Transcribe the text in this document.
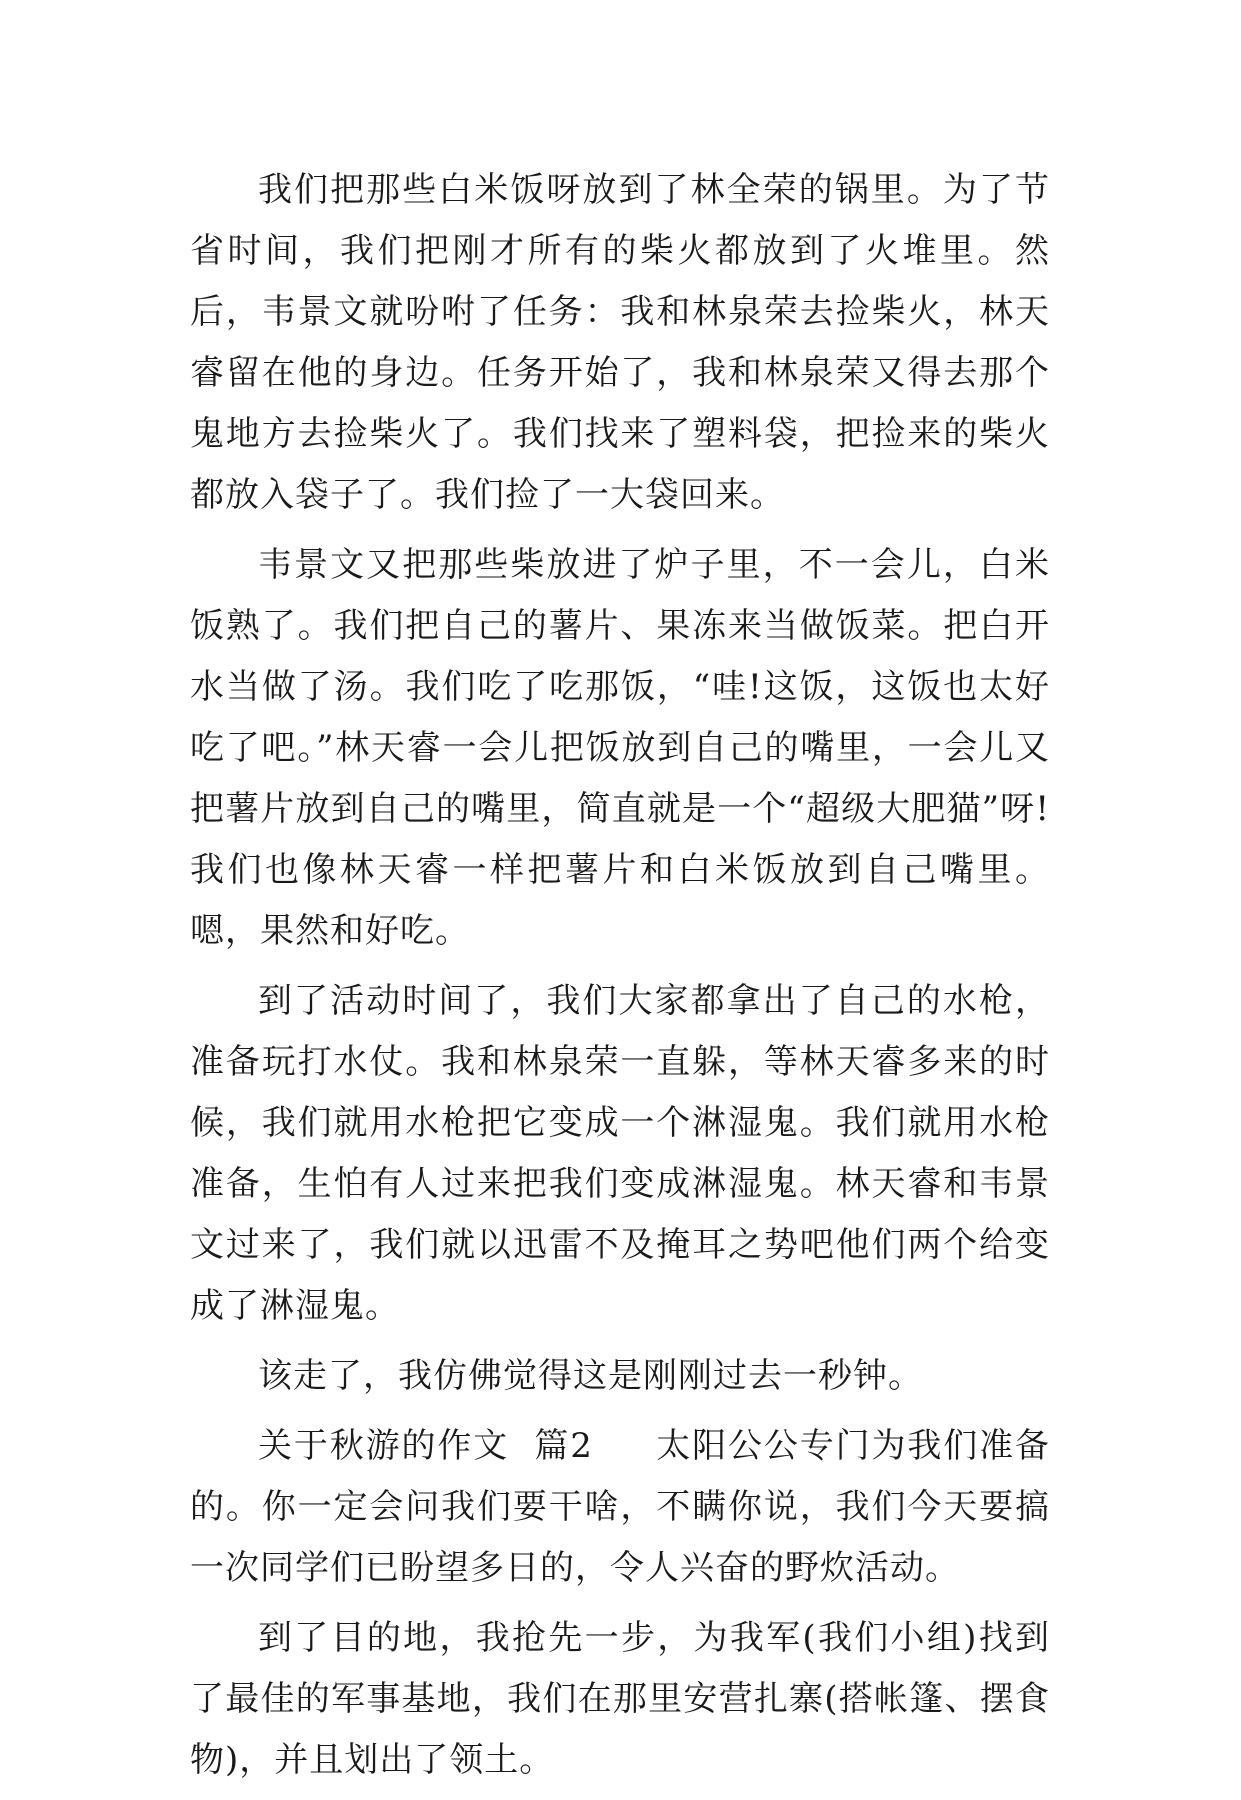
我们把那些白米饭呀放到了林全荣的锅里。为了节省时间，我们把刚才所有的柴火都放到了火堆里。然后，韦景文就吩咐了任务：我和林泉荣去捡柴火，林天睿留在他的身边。任务开始了，我和林泉荣又得去那个鬼地方去捡柴火了。我们找来了塑料袋，把捡来的柴火都放入袋子了。我们捡了一大袋回来。

韦景文又把那些柴放进了炉子里，不一会儿，白米饭熟了。我们把自己的薯片、果冻来当做饭菜。把白开水当做了汤。我们吃了吃那饭，“哇!这饭，这饭也太好吃了吧。”林天睿一会儿把饭放到自己的嘴里，一会儿又把薯片放到自己的嘴里，简直就是一个“超级大肥猫”呀!我们也像林天睿一样把薯片和白米饭放到自己嘴里。嗯，果然和好吃。

到了活动时间了，我们大家都拿出了自己的水枪，准备玩打水仗。我和林泉荣一直躲，等林天睿多来的时候，我们就用水枪把它变成一个淋湿鬼。我们就用水枪准备，生怕有人过来把我们变成淋湿鬼。林天睿和韦景文过来了，我们就以迅雷不及掩耳之势吧他们两个给变成了淋湿鬼。

该走了，我仿佛觉得这是刚刚过去一秒钟。

关于秋游的作文  篇2     太阳公公专门为我们准备的。你一定会问我们要干啥，不瞒你说，我们今天要搞一次同学们已盼望多日的，令人兴奋的野炊活动。

到了目的地，我抢先一步，为我军(我们小组)找到了最佳的军事基地，我们在那里安营扎寨(搭帐篷、摆食物)，并且划出了领土。
